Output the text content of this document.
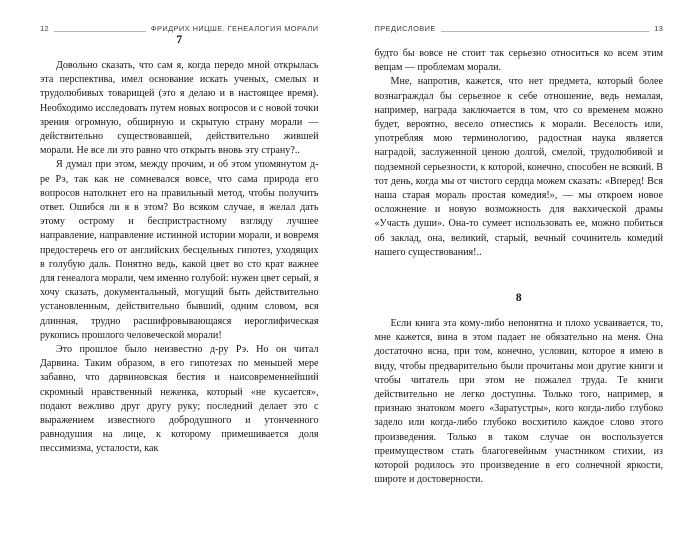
12	ФРИДРИХ НИЦШЕ. ГЕНЕАЛОГИЯ МОРАЛИ
7

Довольно сказать, что сам я, когда передо мной открылась эта перспектива, имел основание искать ученых, смелых и трудолюбивых товарищей (это я делаю и в настоящее время). Необходимо исследовать путем новых вопросов и с новой точки зрения огромную, обширную и скрытую страну морали — действительно существовавшей, действительно жившей морали. Не все ли это равно что открыть вновь эту страну?..

Я думал при этом, между прочим, и об этом упомянутом д-ре Рэ, так как не сомневался вовсе, что сама природа его вопросов натолкнет его на правильный метод, чтобы получить ответ. Ошибся ли я в этом? Во всяком случае, я желал дать этому острому и беспристрастному взгляду лучшее направление, направление истинной истории морали, и вовремя предостеречь его от английских бесцельных гипотез, уходящих в голубую даль. Понятно ведь, какой цвет во сто крат важнее для генеалога морали, чем именно голубой: нужен цвет серый, я хочу сказать, документальный, могущий быть действительно установленным, действительно бывший, одним словом, вся длинная, трудно расшифровывающаяся иероглифическая рукопись прошлого человеческой морали!

Это прошлое было неизвестно д-ру Рэ. Но он читал Дарвина. Таким образом, в его гипотезах по меньшей мере забавно, что дарвиновская бестия и наисовременнейший скромный нравственный неженка, который «не кусается», подают вежливо друг другу руку; последний делает это с выражением известного добродушного и утонченного равнодушия на лице, к которому примешивается доля пессимизма, усталости, как

ПРЕДИСЛОВИЕ	13

будто бы вовсе не стоит так серьезно относиться ко всем этим вещам — проблемам морали.

Мне, напротив, кажется, что нет предмета, который более вознаграждал бы серьезное к себе отношение, ведь немалая, например, награда заключается в том, что со временем можно будет, вероятно, весело отнестись к морали. Веселость или, употребляя мою терминологию, радостная наука является наградой, заслуженной ценою долгой, смелой, трудолюбивой и подземной серьезности, к которой, конечно, способен не всякий. В тот день, когда мы от чистого сердца можем сказать: «Вперед! Вся наша старая мораль простая комедия!», — мы откроем новое осложнение и новую возможность для вакхической драмы «Участь души». Она-то сумеет использовать ее, можно побиться об заклад, она, великий, старый, вечный сочинитель комедий нашего существования!..

8

Если книга эта кому-либо непонятна и плохо усваивается, то, мне кажется, вина в этом падает не обязательно на меня. Она достаточно ясна, при том, конечно, условии, которое я имею в виду, чтобы предварительно были прочитаны мои другие книги и чтобы читатель при этом не пожалел труда. Те книги действительно не легко доступны. Только того, например, я признаю знатоком моего «Заратустры», кого когда-либо глубоко задело или когда-либо глубоко восхитило каждое слово этого произведения. Только в таком случае он воспользуется преимуществом стать благогевейным участником стихии, из которой родилось это произведение в его солнечной яркости, широте и достоверности.
